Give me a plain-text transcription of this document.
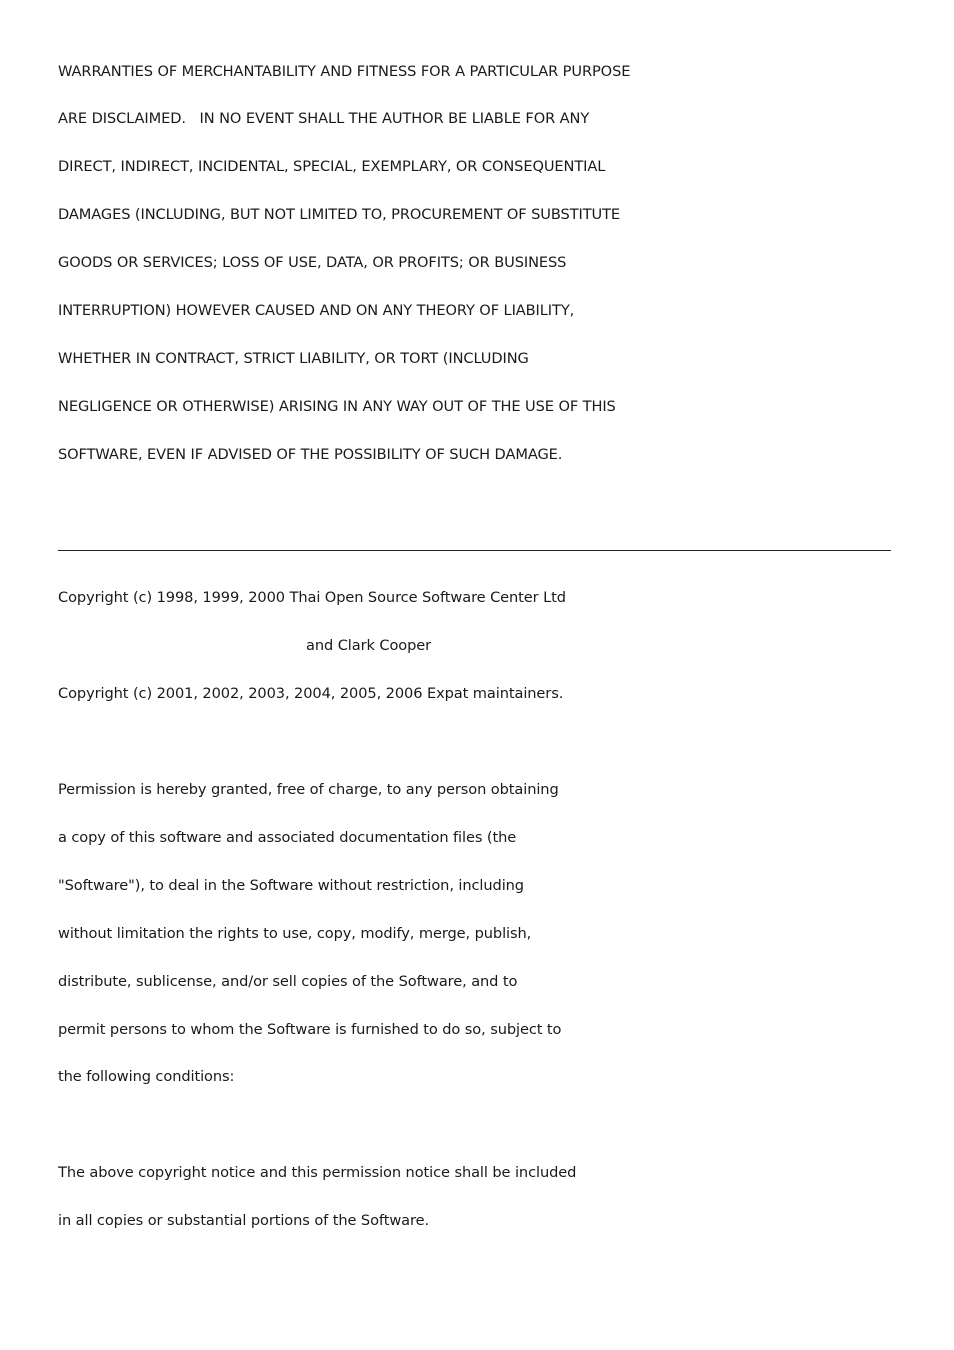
WARRANTIES OF MERCHANTABILITY AND FITNESS FOR A PARTICULAR PURPOSE
ARE DISCLAIMED.   IN NO EVENT SHALL THE AUTHOR BE LIABLE FOR ANY
DIRECT, INDIRECT, INCIDENTAL, SPECIAL, EXEMPLARY, OR CONSEQUENTIAL
DAMAGES (INCLUDING, BUT NOT LIMITED TO, PROCUREMENT OF SUBSTITUTE
GOODS OR SERVICES; LOSS OF USE, DATA, OR PROFITS; OR BUSINESS
INTERRUPTION) HOWEVER CAUSED AND ON ANY THEORY OF LIABILITY,
WHETHER IN CONTRACT, STRICT LIABILITY, OR TORT (INCLUDING
NEGLIGENCE OR OTHERWISE) ARISING IN ANY WAY OUT OF THE USE OF THIS
SOFTWARE, EVEN IF ADVISED OF THE POSSIBILITY OF SUCH DAMAGE.
Copyright (c) 1998, 1999, 2000 Thai Open Source Software Center Ltd
and Clark Cooper
Copyright (c) 2001, 2002, 2003, 2004, 2005, 2006 Expat maintainers.
Permission is hereby granted, free of charge, to any person obtaining
a copy of this software and associated documentation files (the
"Software"), to deal in the Software without restriction, including
without limitation the rights to use, copy, modify, merge, publish,
distribute, sublicense, and/or sell copies of the Software, and to
permit persons to whom the Software is furnished to do so, subject to
the following conditions:
The above copyright notice and this permission notice shall be included
in all copies or substantial portions of the Software.
